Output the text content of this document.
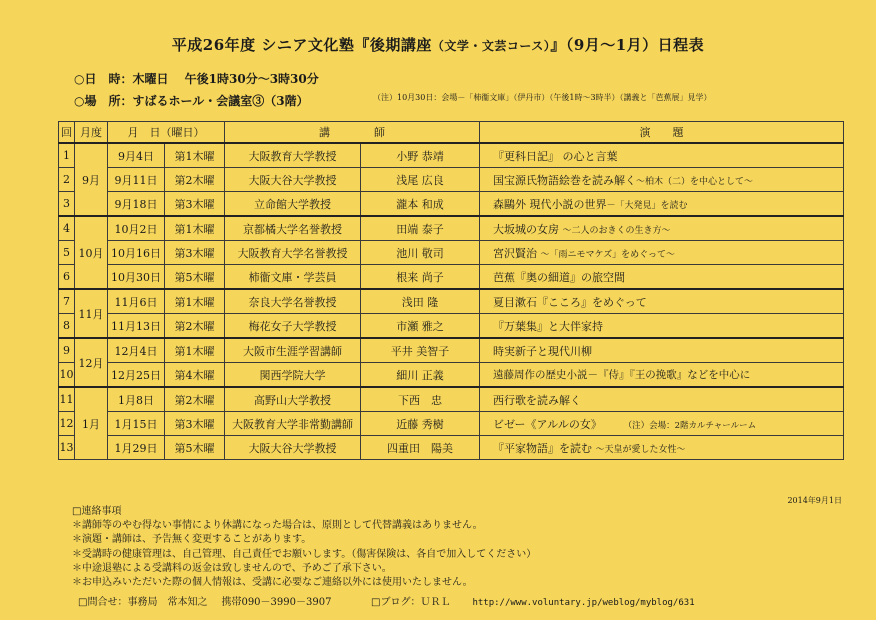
平成26年度 シニア文化塾『後期講座（文学・文芸コース）』（9月～1月）日程表
○日　時：木曜日　 午後1時30分～3時30分
○場　所：すばるホール・会議室③（3階）	（注）10月30日：会場－「柿衞文庫」（伊丹市）（午後1時～3時半）（講義と「芭蕉展」見学）
回	月度	月　日（曜日）		講　　　　師		演　　題
1	9月	9月4日	第1木曜	大阪教育大学教授	小野 恭靖	『更科日記』 の心と言葉
2		9月11日	第2木曜	大阪大谷大学教授	浅尾 広良	国宝源氏物語絵巻を読み解く～柏木（二）を中心として～
3		9月18日	第3木曜	立命館大学教授	瀧本 和成	森鷗外 現代小説の世界－「大発見」を読む
4	10月	10月2日	第1木曜	京都橘大学名誉教授	田端 泰子	大坂城の女房 ～二人のおきくの生き方～
5		10月16日	第3木曜	大阪教育大学名誉教授	池川 敬司	宮沢賢治 ～「雨ニモマケズ」をめぐって～
6		10月30日	第5木曜	柿衞文庫・学芸員	根来 尚子	芭蕉『奥の細道』の旅空間
7	11月	11月6日	第1木曜	奈良大学名誉教授	浅田 隆	夏目漱石『こころ』をめぐって
8		11月13日	第2木曜	梅花女子大学教授	市瀬 雅之	『万葉集』と大伴家持
9	12月	12月4日	第1木曜	大阪市生涯学習講師	平井 美智子	時実新子と現代川柳
10		12月25日	第4木曜	関西学院大学	細川 正義	遠藤周作の歴史小説－『侍』『王の挽歌』などを中心に
11	1月	1月8日	第2木曜	高野山大学教授	下西　忠	西行歌を読み解く
12		1月15日	第3木曜	大阪教育大学非常勤講師	近藤 秀樹	ビゼー《アルルの女》 （注）会場：2階カルチャールーム
13		1月29日	第5木曜	大阪大谷大学教授	四重田　陽美	『平家物語』を読む ～天皇が愛した女性～
2014年9月1日
□連絡事項
＊講師等のやむ得ない事情により休講になった場合は、原則として代替講義はありません。
＊演題・講師は、予告無く変更することがあります。
＊受講時の健康管理は、自己管理、自己責任でお願いします。（傷害保険は、各自で加入してください）
＊中途退塾による受講料の返金は致しませんので、予めご了承下さい。
＊お申込みいただいた際の個人情報は、受講に必要なご連絡以外には使用いたしません。
□問合せ：事務局　常本知之 携帯090－3990－3907	□ブログ：ＵＲＬ http://www.voluntary.jp/weblog/myblog/631
